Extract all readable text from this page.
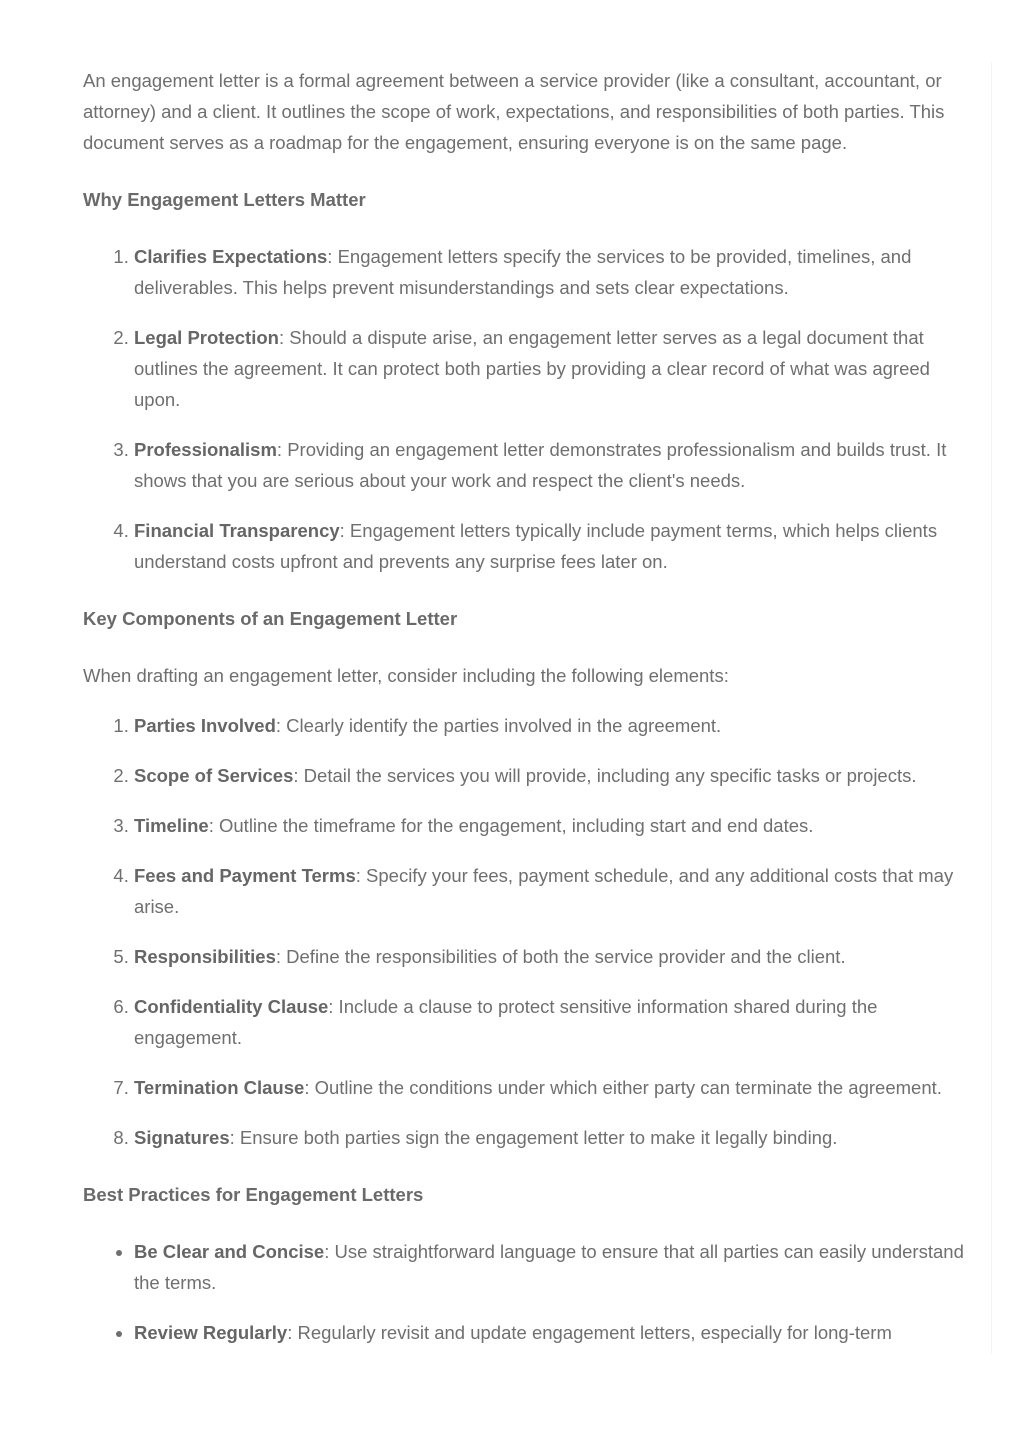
An engagement letter is a formal agreement between a service provider (like a consultant, accountant, or attorney) and a client. It outlines the scope of work, expectations, and responsibilities of both parties. This document serves as a roadmap for the engagement, ensuring everyone is on the same page.

Why Engagement Letters Matter
1. Clarifies Expectations: Engagement letters specify the services to be provided, timelines, and deliverables. This helps prevent misunderstandings and sets clear expectations.
2. Legal Protection: Should a dispute arise, an engagement letter serves as a legal document that outlines the agreement. It can protect both parties by providing a clear record of what was agreed upon.
3. Professionalism: Providing an engagement letter demonstrates professionalism and builds trust. It shows that you are serious about your work and respect the client's needs.
4. Financial Transparency: Engagement letters typically include payment terms, which helps clients understand costs upfront and prevents any surprise fees later on.
Key Components of an Engagement Letter

When drafting an engagement letter, consider including the following elements:

1. Parties Involved: Clearly identify the parties involved in the agreement.
2. Scope of Services: Detail the services you will provide, including any specific tasks or projects.
3. Timeline: Outline the timeframe for the engagement, including start and end dates.
4. Fees and Payment Terms: Specify your fees, payment schedule, and any additional costs that may arise.
5. Responsibilities: Define the responsibilities of both the service provider and the client.
6. Confidentiality Clause: Include a clause to protect sensitive information shared during the engagement.
7. Termination Clause: Outline the conditions under which either party can terminate the agreement.
8. Signatures: Ensure both parties sign the engagement letter to make it legally binding.
Best Practices for Engagement Letters
• Be Clear and Concise: Use straightforward language to ensure that all parties can easily understand the terms.
• Review Regularly: Regularly revisit and update engagement letters, especially for long-term
